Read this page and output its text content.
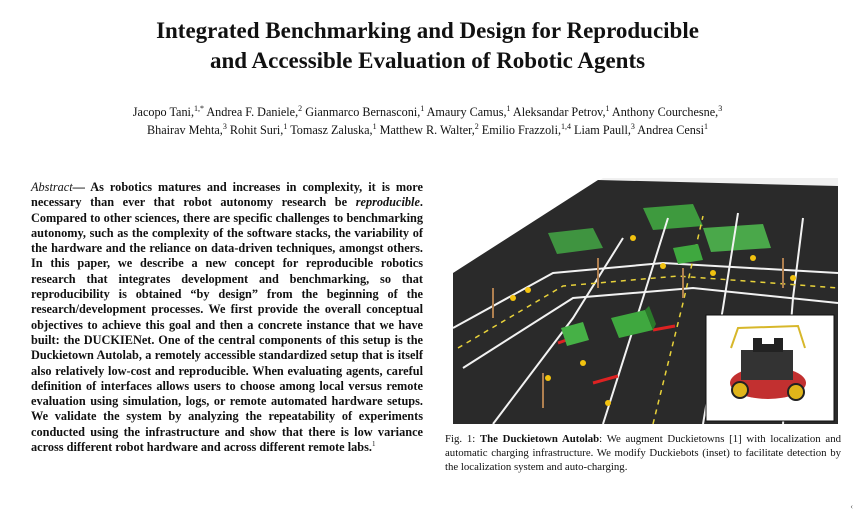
Integrated Benchmarking and Design for Reproducible
and Accessible Evaluation of Robotic Agents
Jacopo Tani,$^{1,*}$ Andrea F. Daniele,$^2$ Gianmarco Bernasconi,$^1$ Amaury Camus,$^1$ Aleksandar Petrov,$^1$ Anthony Courchesne,$^3$
Bhairav Mehta,$^3$ Rohit Suri,$^1$ Tomasz Zaluska,$^1$ Matthew R. Walter,$^2$ Emilio Frazzoli,$^{1,4}$ Liam Paull,$^3$ Andrea Censi$^1$
Abstract— As robotics matures and increases in complexity, it is more necessary than ever that robot autonomy research be reproducible. Compared to other sciences, there are specific challenges to benchmarking autonomy, such as the complexity of the software stacks, the variability of the hardware and the reliance on data-driven techniques, amongst others. In this paper, we describe a new concept for reproducible robotics research that integrates development and benchmarking, so that reproducibility is obtained “by design” from the beginning of the research/development processes. We first provide the overall conceptual objectives to achieve this goal and then a concrete instance that we have built: the DUCKIENet. One of the central components of this setup is the Duckietown Autolab, a remotely accessible standardized setup that is itself also relatively low-cost and reproducible. When evaluating agents, careful definition of interfaces allows users to choose among local versus remote evaluation using simulation, logs, or remote automated hardware setups. We validate the system by analyzing the repeatability of experiments conducted using the infrastructure and show that there is low variance across different robot hardware and across different remote labs.$^1$	Fig. 1: The Duckietown Autolab: We augment Duckietowns [1] with localization and automatic charging infrastructure. We modify Duckiebots (inset) to facilitate detection by the localization system and auto-charging.
‹
